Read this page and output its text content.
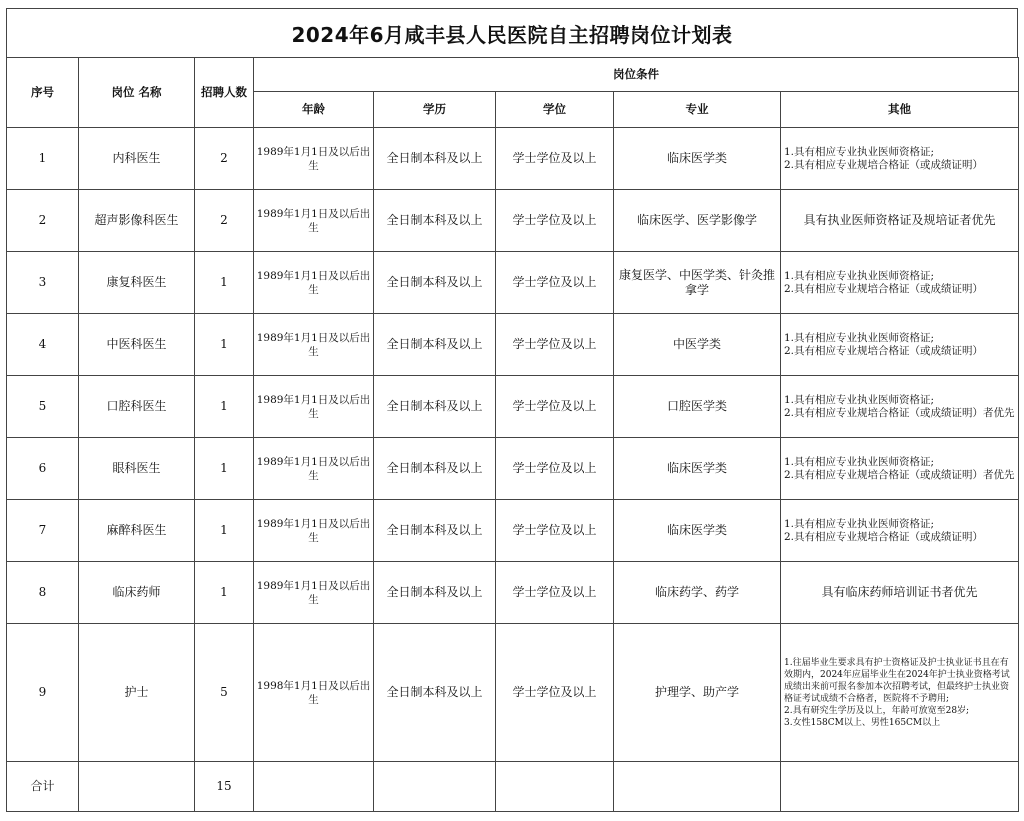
2024年6月咸丰县人民医院自主招聘岗位计划表
序号	岗位 名称	招聘人数	岗位条件				
			年龄	学历	学位	专业	其他
1	内科医生	2	1989年1月1日及以后出生	全日制本科及以上	学士学位及以上	临床医学类	1.具有相应专业执业医师资格证;
2.具有相应专业规培合格证（或成绩证明）

2	超声影像科医生	2	1989年1月1日及以后出生	全日制本科及以上	学士学位及以上	临床医学、医学影像学	具有执业医师资格证及规培证者优先
3	康复科医生	1	1989年1月1日及以后出生	全日制本科及以上	学士学位及以上	康复医学、中医学类、针灸推拿学	1.具有相应专业执业医师资格证;
2.具有相应专业规培合格证（或成绩证明）

4	中医科医生	1	1989年1月1日及以后出生	全日制本科及以上	学士学位及以上	中医学类	1.具有相应专业执业医师资格证;
2.具有相应专业规培合格证（或成绩证明）

5	口腔科医生	1	1989年1月1日及以后出生	全日制本科及以上	学士学位及以上	口腔医学类	1.具有相应专业执业医师资格证;
2.具有相应专业规培合格证（或成绩证明）者优先

6	眼科医生	1	1989年1月1日及以后出生	全日制本科及以上	学士学位及以上	临床医学类	1.具有相应专业执业医师资格证;
2.具有相应专业规培合格证（或成绩证明）者优先

7	麻醉科医生	1	1989年1月1日及以后出生	全日制本科及以上	学士学位及以上	临床医学类	1.具有相应专业执业医师资格证;
2.具有相应专业规培合格证（或成绩证明）

8	临床药师	1	1989年1月1日及以后出生	全日制本科及以上	学士学位及以上	临床药学、药学	具有临床药师培训证书者优先
9	护士	5	1998年1月1日及以后出生	全日制本科及以上	学士学位及以上	护理学、助产学	1.往届毕业生要求具有护士资格证及护士执业证书且在有效期内，2024年应届毕业生在2024年护士执业资格考试成绩出来前可报名参加本次招聘考试，但最终护士执业资格证考试成绩不合格者，医院将不予聘用;
2.具有研究生学历及以上，年龄可放宽至28岁;
3.女性158CM以上、男性165CM以上

合计		15					
